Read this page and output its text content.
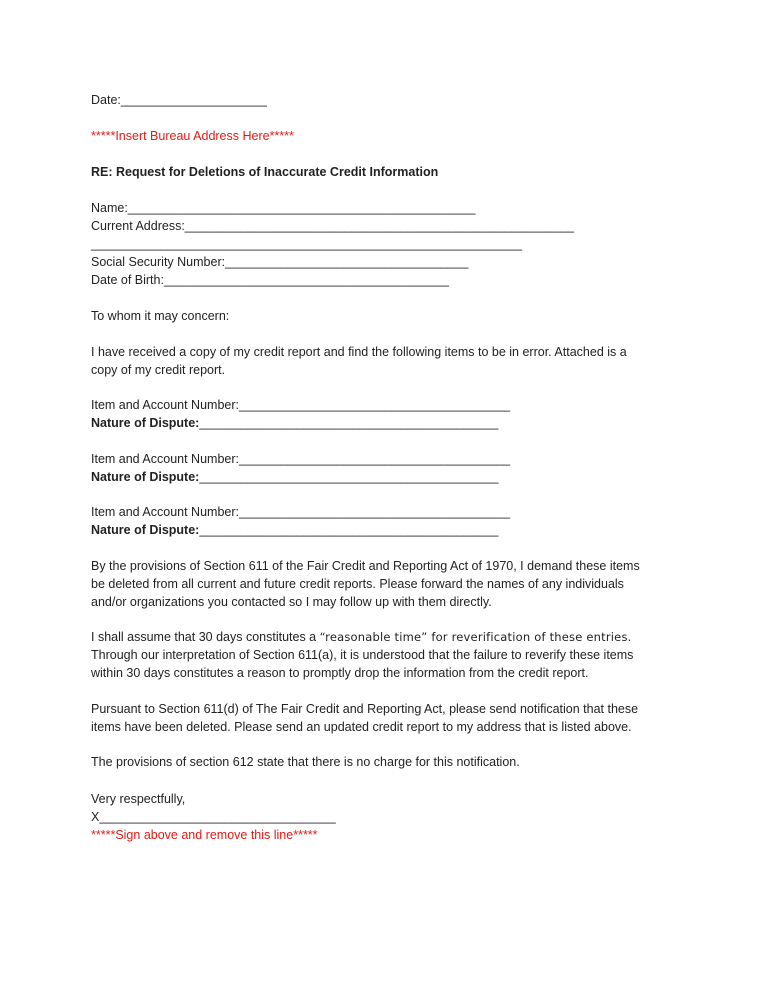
Date:_____________________
*****Insert Bureau Address Here*****
RE: Request for Deletions of Inaccurate Credit Information
Name:__________________________________________________
Current Address:________________________________________________________
______________________________________________________________
Social Security Number:___________________________________
Date of Birth:_________________________________________
To whom it may concern:
I have received a copy of my credit report and find the following items to be in error. Attached is a
copy of my credit report.
Item and Account Number:_______________________________________
Nature of Dispute:___________________________________________
Item and Account Number:_______________________________________
Nature of Dispute:___________________________________________
Item and Account Number:_______________________________________
Nature of Dispute:___________________________________________
By the provisions of Section 611 of the Fair Credit and Reporting Act of 1970, I demand these items
be deleted from all current and future credit reports. Please forward the names of any individuals
and/or organizations you contacted so I may follow up with them directly.
I shall assume that 30 days constitutes a “reasonable time” for reverification of these entries.
Through our interpretation of Section 611(a), it is understood that the failure to reverify these items
within 30 days constitutes a reason to promptly drop the information from the credit report.
Pursuant to Section 611(d) of The Fair Credit and Reporting Act, please send notification that these
items have been deleted. Please send an updated credit report to my address that is listed above.
The provisions of section 612 state that there is no charge for this notification.
Very respectfully,
X__________________________________
*****Sign above and remove this line*****
